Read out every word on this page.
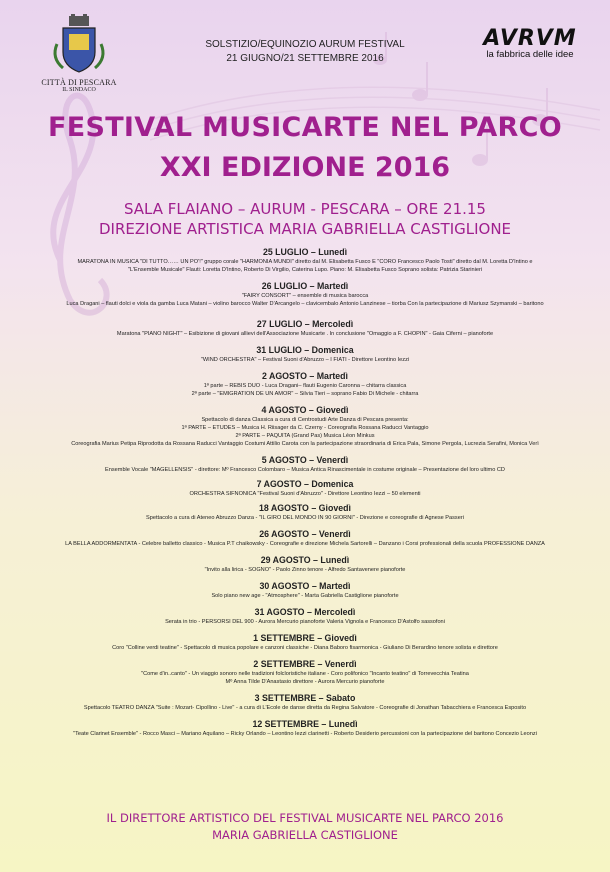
CITTÀ DI PESCARA
IL SINDACO
SOLSTIZIO/EQUINOZIO AURUM FESTIVAL
21 GIUGNO/21 SETTEMBRE 2016
AVRVM
la fabbrica delle idee
FESTIVAL MUSICARTE NEL PARCO
XXI EDIZIONE 2016
SALA FLAIANO – AURUM - PESCARA – ORE 21.15
DIREZIONE ARTISTICA MARIA GABRIELLA CASTIGLIONE
25 LUGLIO – Lunedì
MARATONA IN MUSICA "DI TUTTO…… UN PO'!" gruppo corale "HARMONIA MUNDI" diretto dal M. Elisabetta Fusco E "CORO Francesco Paolo Tosti" diretto dal M. Loretta D'Intino e
"L'Ensemble Musicale" Flauti: Loretta D'Intino, Roberto Di Virgilio, Caterina Lupo. Piano: M. Elisabetta Fusco Soprano solista: Patrizia Starinieri
26 LUGLIO – Martedì
"FAIRY CONSORT" – ensemble di musica barocca
Luca Dragani – flauti dolci e viola da gamba Luca Matani – violino barocco Walter D'Arcangelo – clavicembalo Antonio Lanzinese – tiorba Con la partecipazione di Mariusz Szymanski – baritono
27 LUGLIO – Mercoledì
Maratona "PIANO NIGHT" – Esibizione di giovani allievi dell'Associazione Musicarte . In conclusione "Omaggio a F. CHOPIN" - Gaia Ciferni – pianoforte
31 LUGLIO – Domenica
"WIND ORCHESTRA" – Festival Suoni d'Abruzzo – I FIATI - Direttore Leontino Iezzi
2 AGOSTO – Martedì
1ª parte – REBIS DUO - Luca Dragani– flauti Eugenio Caronna – chitarra classica
2ª parte – "EMIGRATION DE UN AMOR" – Silvia Tieri – soprano Fabio Di Michele - chitarra
4 AGOSTO – Giovedì
Spettacolo di danza Classica a cura di Centrostudi Arte Danza di Pescara presenta:
1ª PARTE – ETUDES – Musica H. Riisager da C. Czerny - Coreografia Rossana Raducci Vantaggio
2ª PARTE – PAQUITA (Grand Pas) Musica Léon Minkus
Coreografia Marius Petipa Riprodotta da Rossana Raducci Vantaggio Costumi Attilio Carota con la partecipazione straordinaria di Erica Pala, Simone Pergola, Lucrezia Serafini, Monica Verì
5 AGOSTO – Venerdì
Ensemble Vocale "MAGELLENSIS" - direttore: Mº Francesco Colombaro – Musica Antica Rinascimentale in costume originale – Presentazione del loro ultimo CD
7 AGOSTO – Domenica
ORCHESTRA SIFNONICA "Festival Suoni d'Abruzzo" - Direttore Leontino Iezzi – 50 elementi
18 AGOSTO – Giovedì
Spettacolo a cura di Ateneo Abruzzo Danza - "IL GIRO DEL MONDO IN 90 GIORNI" - Direzione e coreografie di Agnese Passeri
26 AGOSTO – Venerdì
LA BELLA ADDORMENTATA - Celebre balletto classico - Musica P.T chaikowsky - Coreografie e direzione Michela Sartorelli – Danzano i Corsi professionali della scuola PROFESSIONE DANZA
29 AGOSTO – Lunedì
"Invito alla lirica - SOGNO" - Paolo Zinno tenore - Alfredo Santavenere pianoforte
30 AGOSTO – Martedì
Solo piano new age - "Atmosphere" - Marta Gabriella Castiglione pianoforte
31 AGOSTO – Mercoledì
Serata in trio - PERSORSI DEL 900 - Aurora Mercurio pianoforte Valeria Vignola e Francesco D'Astolfo sassofoni
1 SETTEMBRE – Giovedì
Coro "Colline verdi teatine" - Spettacolo di musica popolare e canzoni classiche - Diana Baboro fisarmonica - Giuliano Di Berardino tenore solista e direttore
2 SETTEMBRE – Venerdì
"Come d'in..canto" - Un viaggio sonoro nelle tradizioni folcloristiche italiane - Coro polifonico "Incanto teatino" di Torrevecchia Teatina
Mº Anna Tilde D'Anastasio direttore - Aurora Mercurio pianoforte
3 SETTEMBRE – Sabato
Spettacolo TEATRO DANZA "Suite : Mozart- Cipollino - Live" - a cura di L'Ecole de danse diretta da Regina Salvatore - Coreografie di Jonathan Tabacchiera e Francesca Esposito
12 SETTEMBRE – Lunedì
"Teate Clarinet Ensemble" - Rocco Masci – Mariano Aquilano – Ricky Orlando – Leontino Iezzi clarinetti - Roberto Desiderio percussioni con la partecipazione del baritono Concezio Leonzi
IL DIRETTORE ARTISTICO DEL FESTIVAL MUSICARTE NEL PARCO 2016
MARIA GABRIELLA CASTIGLIONE
